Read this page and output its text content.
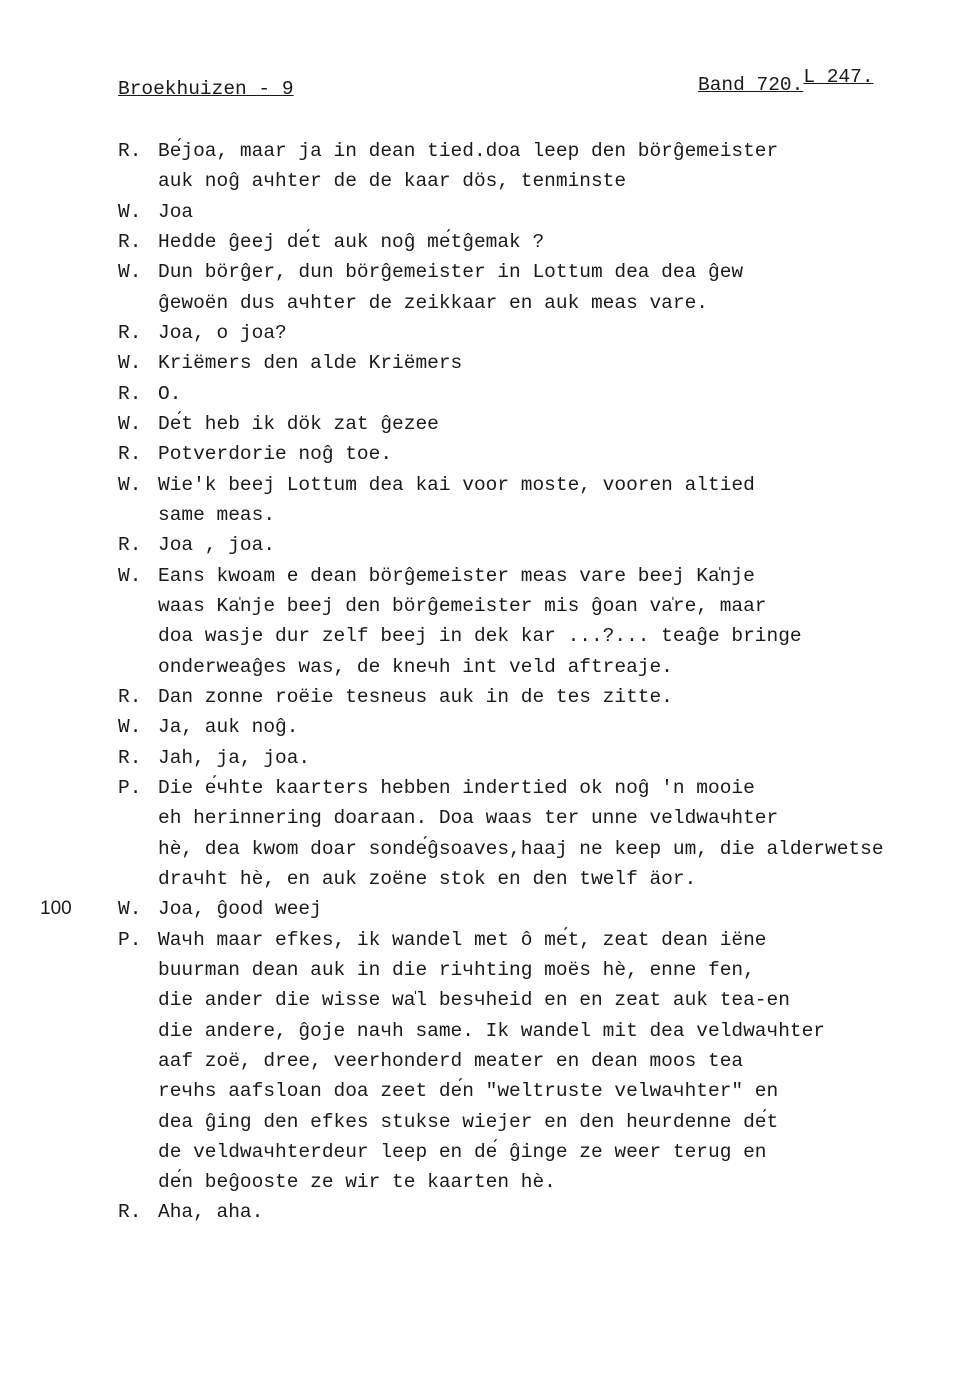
Broekhuizen - 9	Band 720.L 247.
100
R. Bе́joa, maar ja in dean tied.doa leep den börĝemeister
auk noĝ aчhter de de kaar dös, tenminste
W. Joa
R. Hedde ĝeej dе́t auk noĝ mе́tĝemak ?
W. Dun börĝer, dun börĝemeister in Lottum dea dea ĝew
ĝewoën dus aчhter de zeikkaar en auk meas vare.
R. Joa, o joa?
W. Kriëmers den alde Kriëmers
R. O.
W. Dе́t heb ik dök zat ĝezee
R. Potverdorie noĝ toe.
W. Wie'k beej Lottum dea kai voor moste, vooren altied
same meas.
R. Joa , joa.
W. Eans kwoam e dean börĝemeister meas vare beej Ka̍nje
waas Ka̍nje beej den börĝemeister mis ĝoan va̍re, maar
doa wasje dur zelf beej in dek kar ...?... teaĝe bringe
onderweaĝes was, de kneчh int veld aftreaje.
R. Dan zonne roëie tesneus auk in de tes zitte.
W. Ja, auk noĝ.
R. Jah, ja, joa.
P. Die е́чhte kaarters hebben indertied ok noĝ 'n mooie
eh herinnering doaraan. Doa waas ter unne veldwaчhter
hѐ, dea kwom doar sondе́ĝsoaves,haaj ne keep um, die alderwetse
draчht hѐ, en auk zoëne stok en den twelf äor.
W. Joa, ĝood weej
P. Waчh maar efkes, ik wandel met ô mе́t, zeat dean iëne
buurman dean auk in die riчhting moës hѐ, enne fen,
die ander die wisse wa̍l besчheid en en zeat auk tea-en
die andere, ĝoje naчh same. Ik wandel mit dea veldwaчhter
aaf zoë, dree, veerhonderd meater en dean moos tea
reчhs aafsloan doa zeet dе́n "weltruste velwaчhter" en
dea ĝing den efkes stukse wiejer en den heurdenne dе́t
de veldwaчhterdeur leep en dе́ ĝinge ze weer terug en
dе́n beĝooste ze wir te kaarten hѐ.
R. Aha, aha.
